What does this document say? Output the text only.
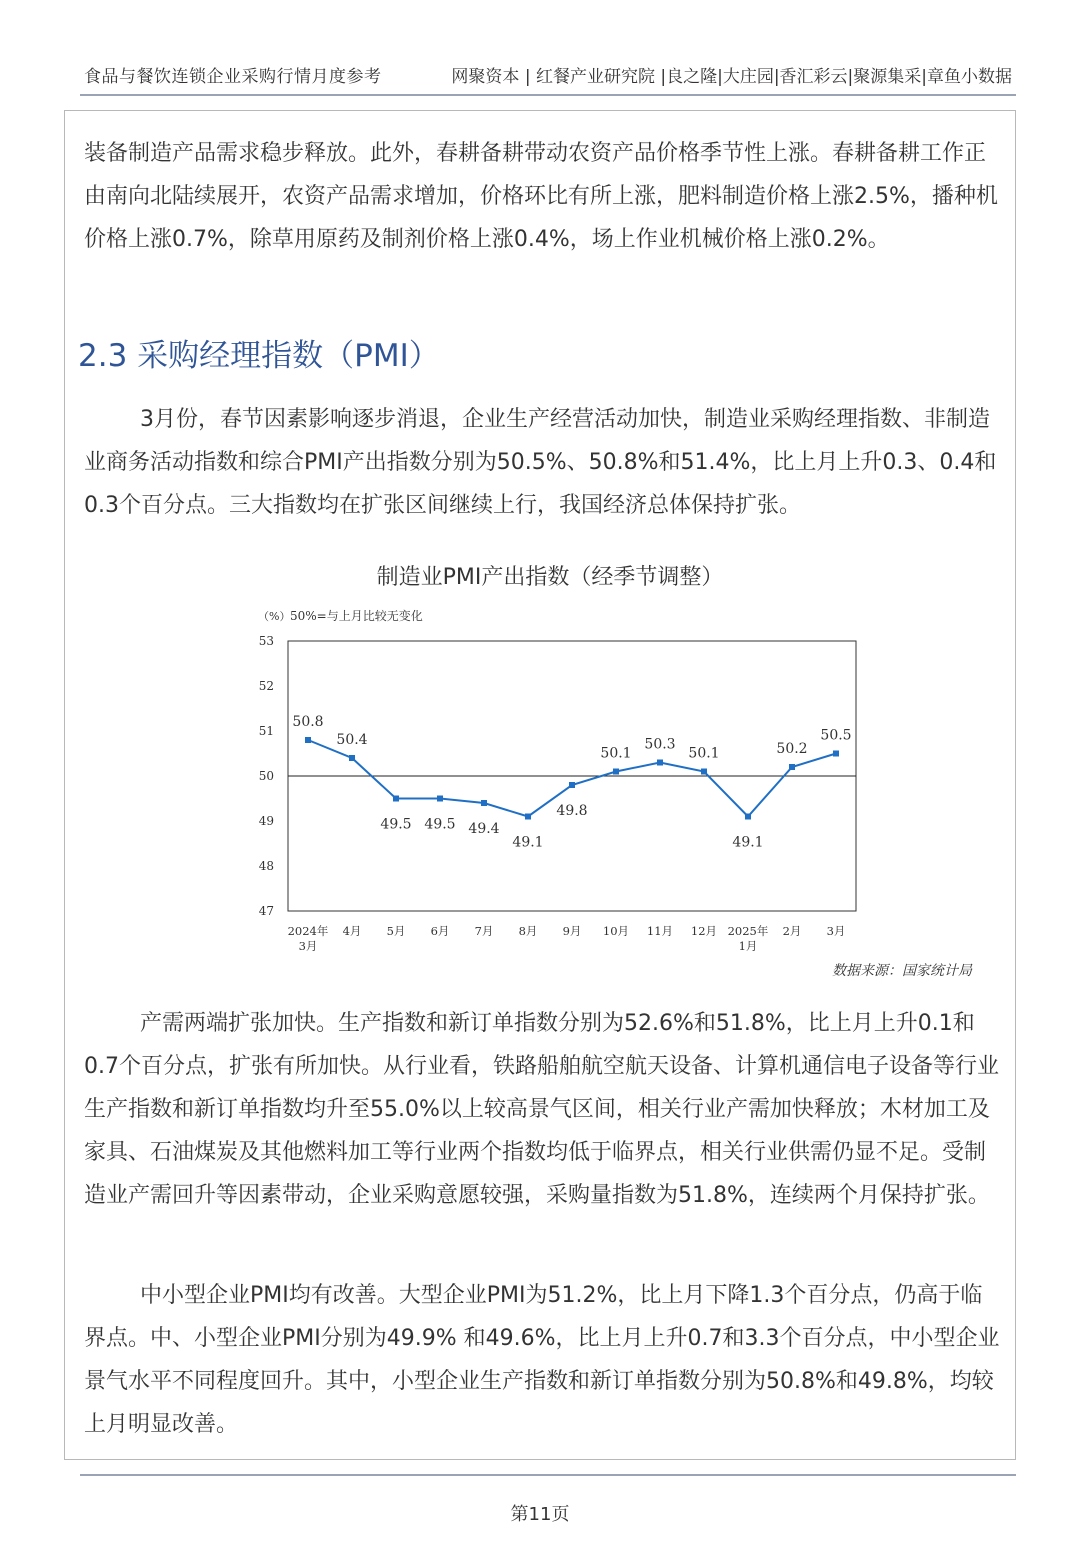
食品与餐饮连锁企业采购行情月度参考	网聚资本 | 红餐产业研究院 |良之隆|大庄园|香汇彩云|聚源集采|章鱼小数据

装备制造产品需求稳步释放。此外，春耕备耕带动农资产品价格季节性上涨。春耕备耕工作正由南向北陆续展开，农资产品需求增加，价格环比有所上涨，肥料制造价格上涨2.5%，播种机价格上涨0.7%，除草用原药及制剂价格上涨0.4%，场上作业机械价格上涨0.2%。

2.3 采购经理指数（PMI）

3月份，春节因素影响逐步消退，企业生产经营活动加快，制造业采购经理指数、非制造业商务活动指数和综合PMI产出指数分别为50.5%、50.8%和51.4%，比上月上升0.3、0.4和0.3个百分点。三大指数均在扩张区间继续上行，我国经济总体保持扩张。

制造业PMI产出指数（经季节调整）
（%） 50%=与上月比较无变化
53
52
51
50
49
48
47
2024年
3月
4月 5月 6月 7月 8月 9月 10月 11月 12月 2025年
1月
2月 3月
50.8
50.4
49.5 49.5 49.4
49.1
49.8
50.1
50.3
50.1
49.1
50.2
50.5
数据来源：国家统计局

产需两端扩张加快。生产指数和新订单指数分别为52.6%和51.8%，比上月上升0.1和0.7个百分点，扩张有所加快。从行业看，铁路船舶航空航天设备、计算机通信电子设备等行业生产指数和新订单指数均升至55.0%以上较高景气区间，相关行业产需加快释放；木材加工及家具、石油煤炭及其他燃料加工等行业两个指数均低于临界点，相关行业供需仍显不足。受制造业产需回升等因素带动，企业采购意愿较强，采购量指数为51.8%，连续两个月保持扩张。

中小型企业PMI均有改善。大型企业PMI为51.2%，比上月下降1.3个百分点，仍高于临界点。中、小型企业PMI分别为49.9% 和49.6%，比上月上升0.7和3.3个百分点，中小型企业景气水平不同程度回升。其中，小型企业生产指数和新订单指数分别为50.8%和49.8%，均较上月明显改善。

第11页
